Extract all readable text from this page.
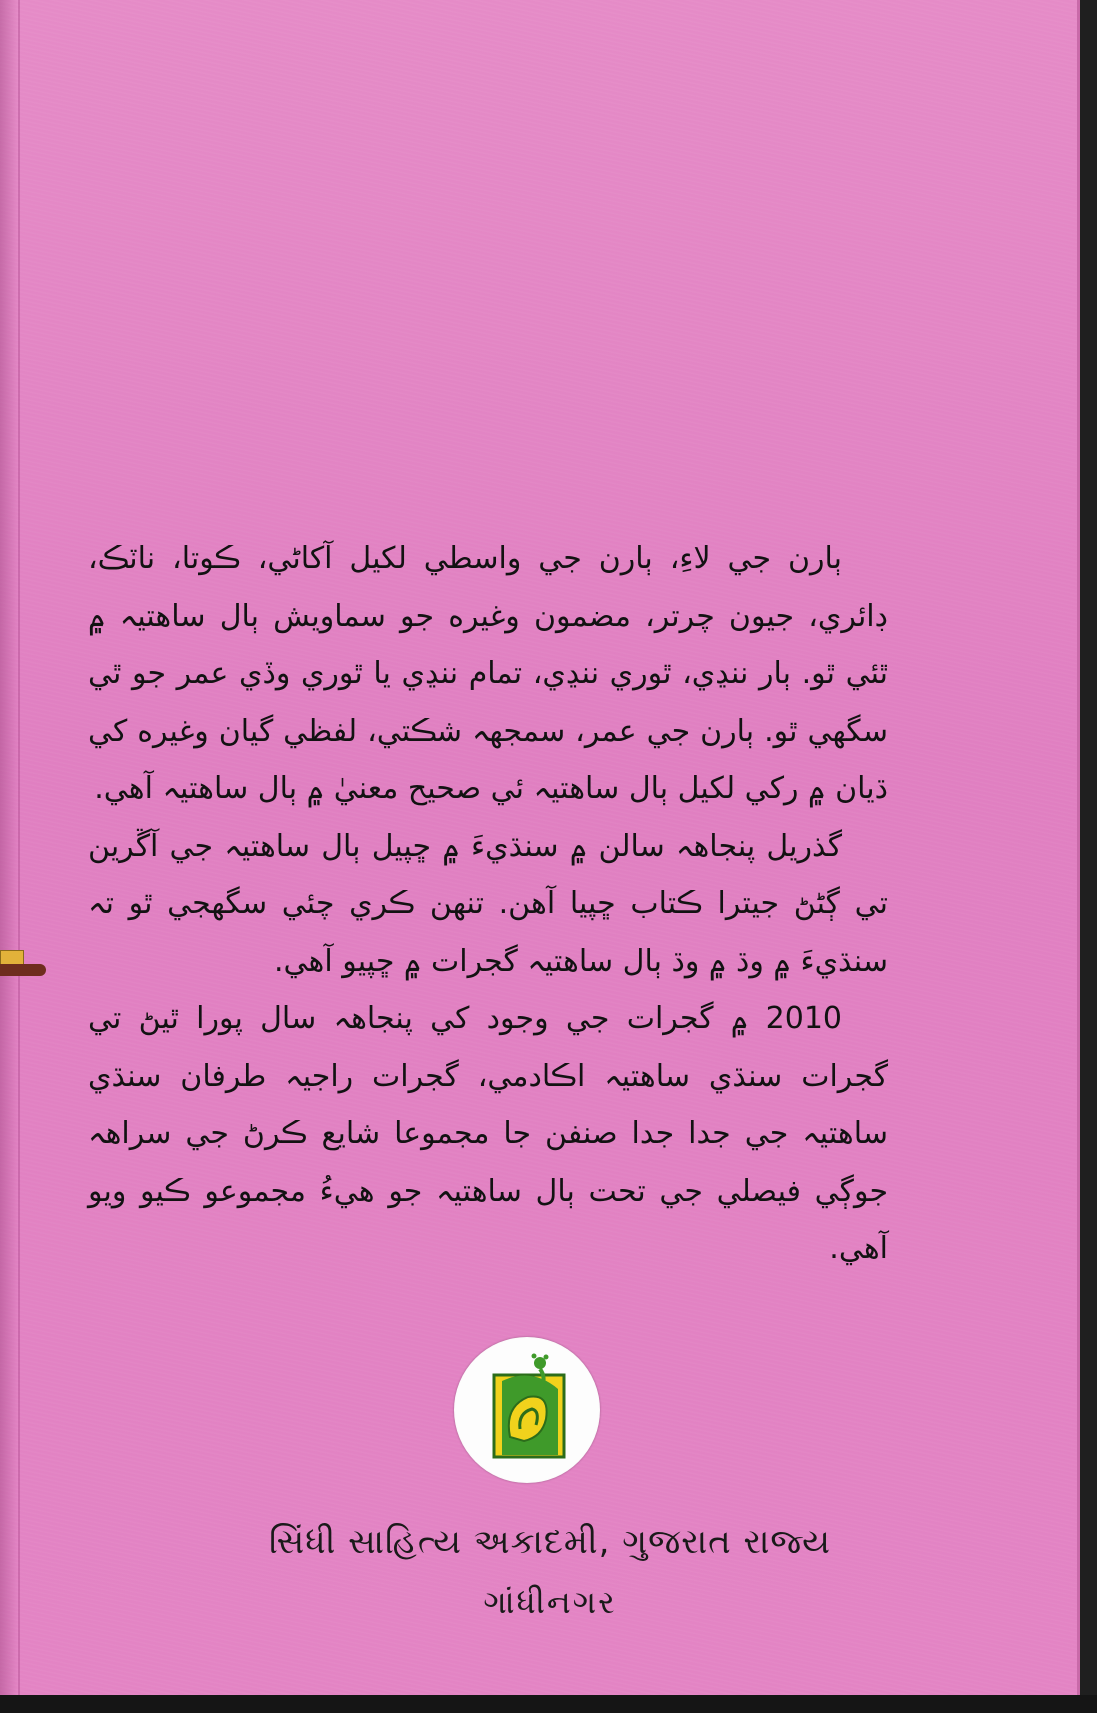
ٻارن جي لاءِ، ٻارن جي واسطي لکيل آکاڻي، ڪوتا، ناٽڪ، ڊائري، جيون چرتر، مضمون وغيره جو سماويش ٻال ساهتيہ ۾ ٿئي ٿو. ٻار ننڍي، ٿوري ننڍي، تمام ننڍي يا ٿوري وڏي عمر جو ٿي سگهي ٿو. ٻارن جي عمر، سمجهہ شڪتي، لفظي گيان وغيره کي ڌيان ۾ رکي لکيل ٻال ساهتيہ ئي صحيح معنيٰ ۾ ٻال ساهتيہ آهي.

گذريل پنجاهہ سالن ۾ سنڌيءَ ۾ ڇپيل ٻال ساهتيہ جي آڱرين تي ڳڻڻ جيترا ڪتاب ڇپيا آهن. تنهن ڪري چئي سگهجي ٿو تہ سنڌيءَ ۾ وڌ ۾ وڌ ٻال ساهتيہ گجرات ۾ ڇپيو آهي.

2010 ۾ گجرات جي وجود کي پنجاهہ سال پورا ٿيڻ تي گجرات سنڌي ساهتيہ اڪادمي، گجرات راجيہ طرفان سنڌي ساهتيہ جي جدا جدا صنفن جا مجموعا شايع ڪرڻ جي سراهہ جوڳي فيصلي جي تحت ٻال ساهتيہ جو هيءُ مجموعو ڪيو ويو آهي.

સિંધી સાહિત્ય અકાદમી, ગુજરાત રાજ્ય
ગાંધીનગર
